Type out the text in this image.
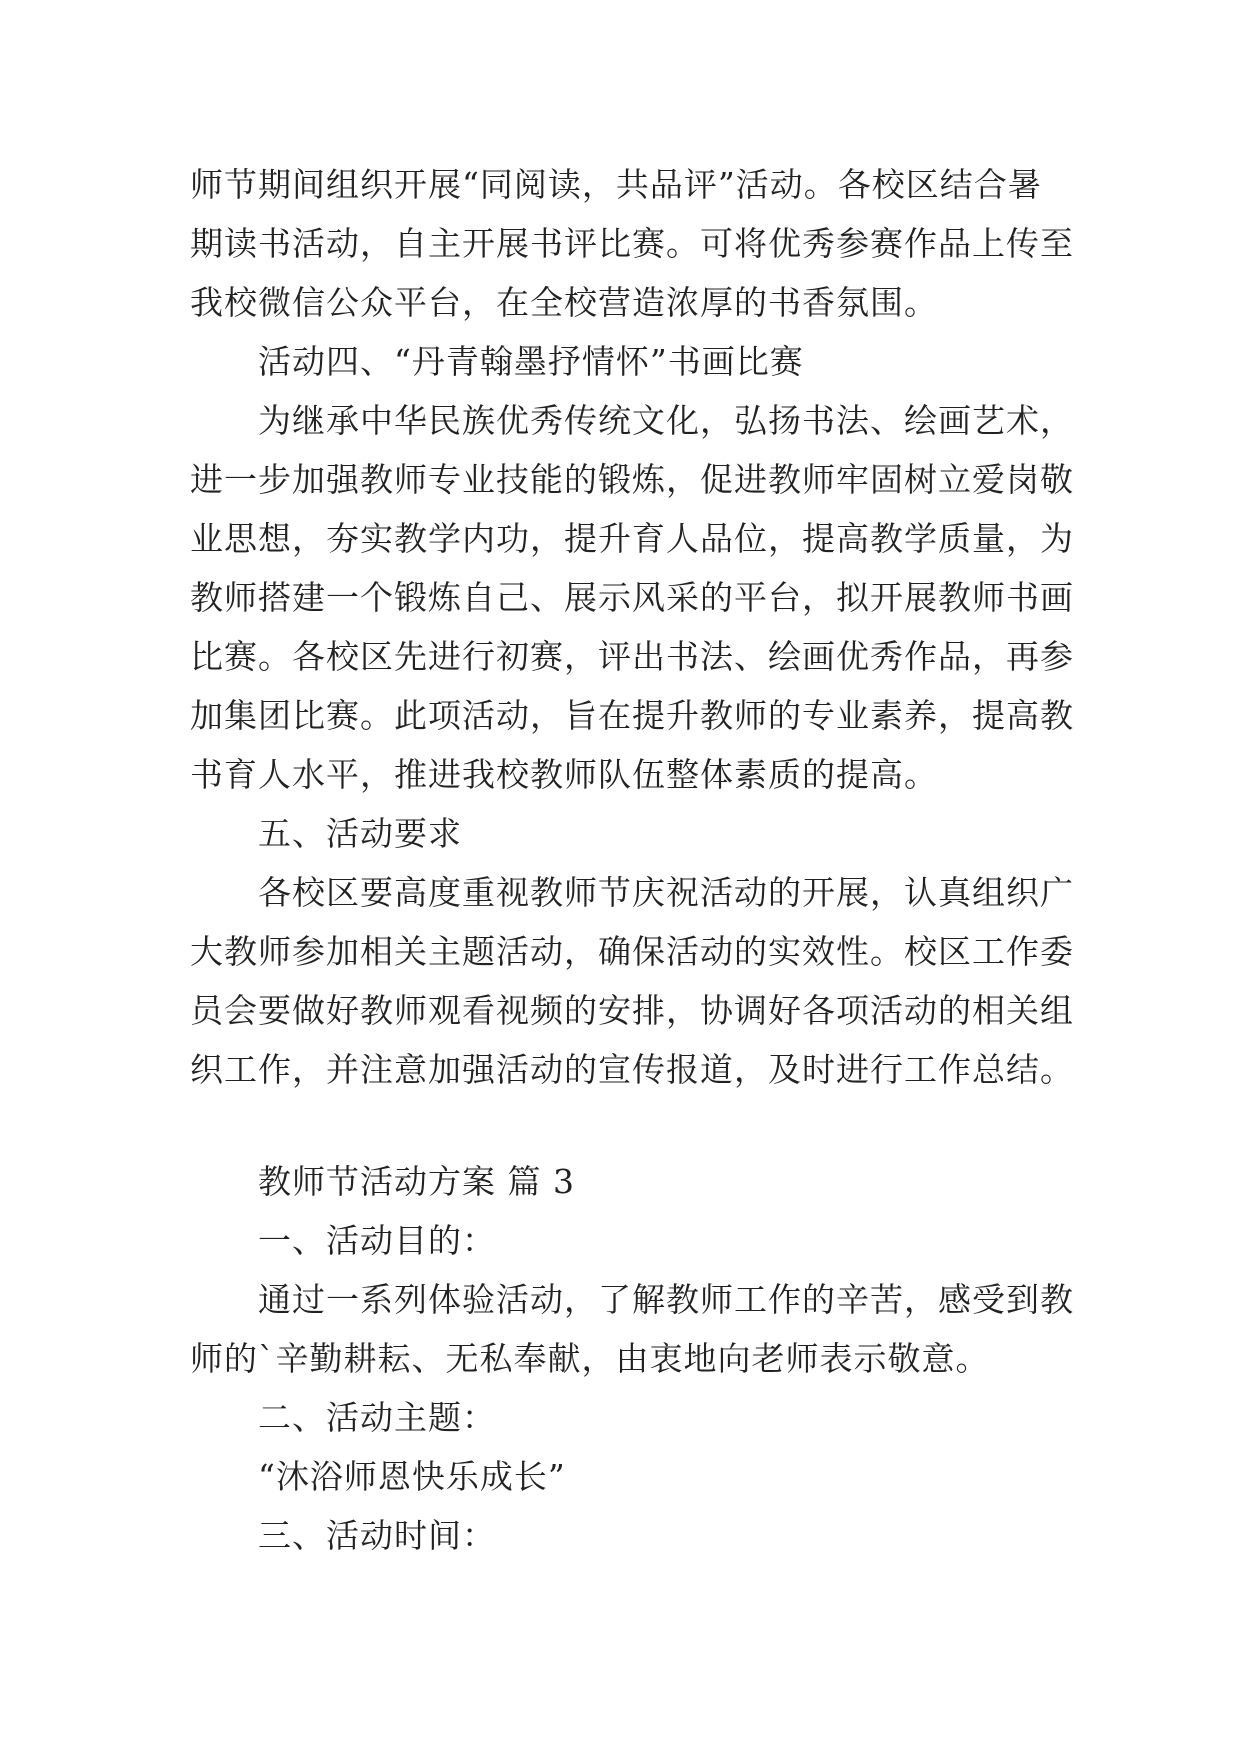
师节期间组织开展“同阅读，共品评”活动。各校区结合暑
期读书活动，自主开展书评比赛。可将优秀参赛作品上传至
我校微信公众平台，在全校营造浓厚的书香氛围。
活动四、“丹青翰墨抒情怀”书画比赛
为继承中华民族优秀传统文化，弘扬书法、绘画艺术，
进一步加强教师专业技能的锻炼，促进教师牢固树立爱岗敬
业思想，夯实教学内功，提升育人品位，提高教学质量，为
教师搭建一个锻炼自己、展示风采的平台，拟开展教师书画
比赛。各校区先进行初赛，评出书法、绘画优秀作品，再参
加集团比赛。此项活动，旨在提升教师的专业素养，提高教
书育人水平，推进我校教师队伍整体素质的提高。
五、活动要求
各校区要高度重视教师节庆祝活动的开展，认真组织广
大教师参加相关主题活动，确保活动的实效性。校区工作委
员会要做好教师观看视频的安排，协调好各项活动的相关组
织工作，并注意加强活动的宣传报道，及时进行工作总结。
教师节活动方案 篇 3
一、活动目的：
通过一系列体验活动，了解教师工作的辛苦，感受到教
师的`辛勤耕耘、无私奉献，由衷地向老师表示敬意。
二、活动主题：
“沐浴师恩快乐成长”
三、活动时间：
